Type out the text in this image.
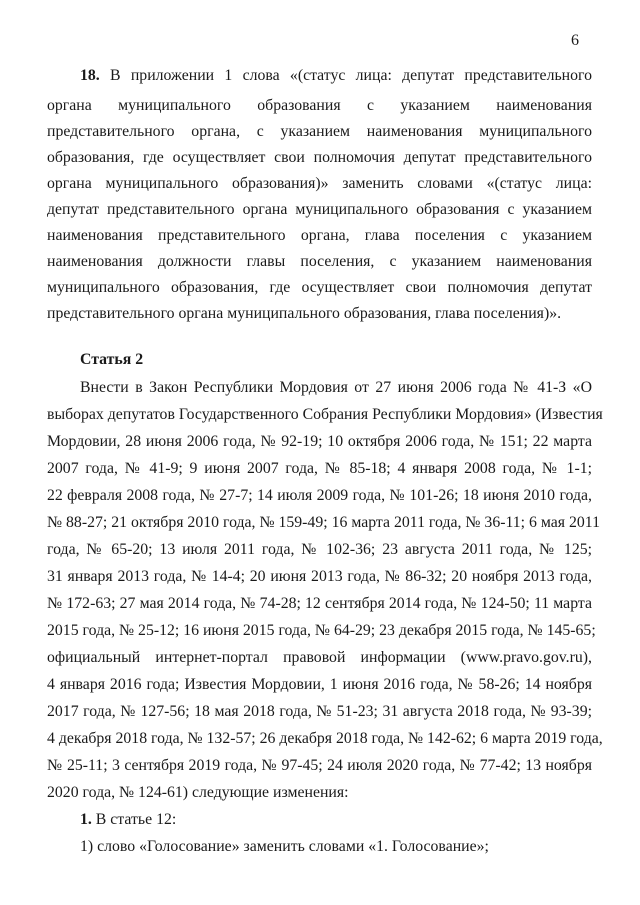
6
18. В приложении 1 слова «(статус лица: депутат представительного
органа муниципального образования с указанием наименования
представительного органа, с указанием наименования муниципального
образования, где осуществляет свои полномочия депутат представительного
органа муниципального образования)» заменить словами «(статус лица:
депутат представительного органа муниципального образования с указанием
наименования представительного органа, глава поселения с указанием
наименования должности главы поселения, с указанием наименования
муниципального образования, где осуществляет свои полномочия депутат
представительного органа муниципального образования, глава поселения)».
Статья 2
Внести в Закон Республики Мордовия от 27 июня 2006 года № 41-З «О
выборах депутатов Государственного Собрания Республики Мордовия» (Известия
Мордовии, 28 июня 2006 года, № 92-19; 10 октября 2006 года, № 151; 22 марта
2007 года, № 41-9; 9 июня 2007 года, № 85-18; 4 января 2008 года, № 1-1;
22 февраля 2008 года, № 27-7; 14 июля 2009 года, № 101-26; 18 июня 2010 года,
№ 88-27; 21 октября 2010 года, № 159-49; 16 марта 2011 года, № 36-11; 6 мая 2011
года, № 65-20; 13 июля 2011 года, № 102-36; 23 августа 2011 года, № 125;
31 января 2013 года, № 14-4; 20 июня 2013 года, № 86-32; 20 ноября 2013 года,
№ 172-63; 27 мая 2014 года, № 74-28; 12 сентября 2014 года, № 124-50; 11 марта
2015 года, № 25-12; 16 июня 2015 года, № 64-29; 23 декабря 2015 года, № 145-65;
официальный интернет-портал правовой информации (www.pravo.gov.ru),
4 января 2016 года; Известия Мордовии, 1 июня 2016 года, № 58-26; 14 ноября
2017 года, № 127-56; 18 мая 2018 года, № 51-23; 31 августа 2018 года, № 93-39;
4 декабря 2018 года, № 132-57; 26 декабря 2018 года, № 142-62; 6 марта 2019 года,
№ 25-11; 3 сентября 2019 года, № 97-45; 24 июля 2020 года, № 77-42; 13 ноября
2020 года, № 124-61) следующие изменения:
1. В статье 12:
1) слово «Голосование» заменить словами «1. Голосование»;
